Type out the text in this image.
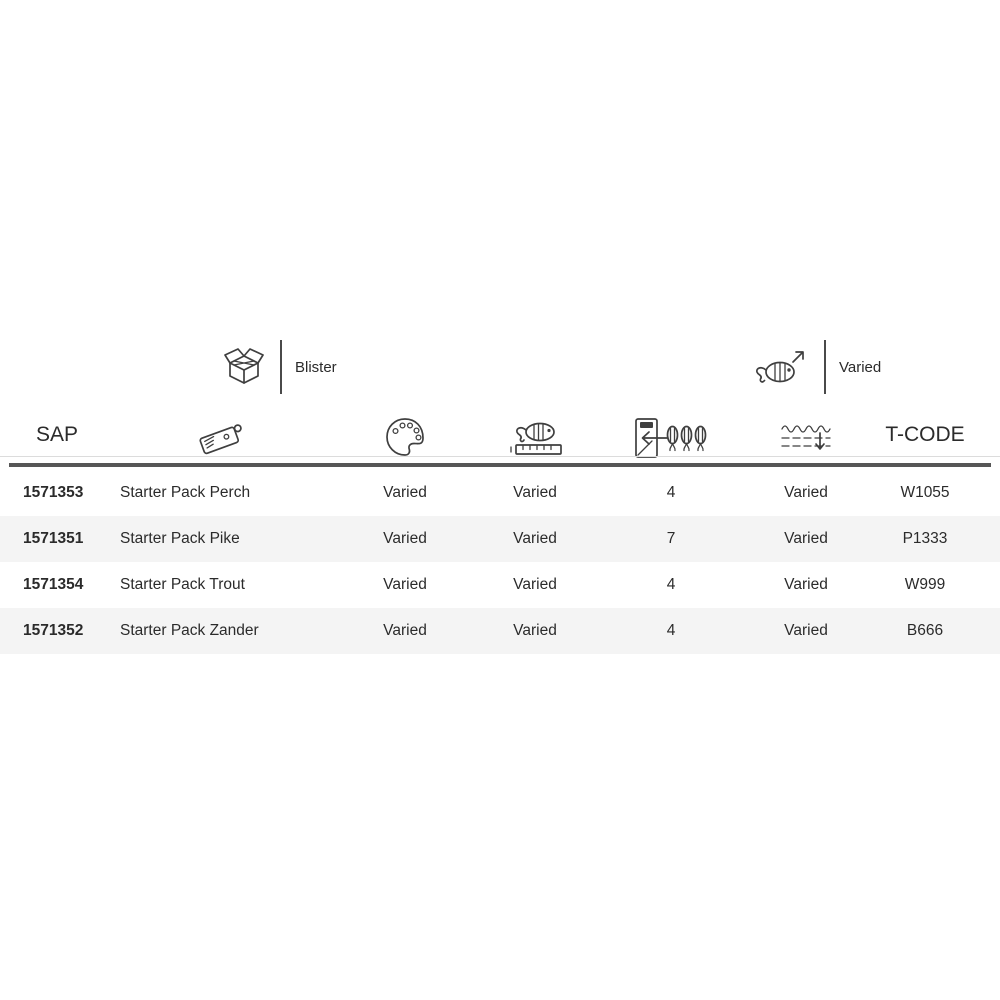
Blister	Varied
SAP	T-CODE
1571353	Starter Pack Perch	Varied	Varied	4	Varied	W1055
1571351	Starter Pack Pike	Varied	Varied	7	Varied	P1333
1571354	Starter Pack Trout	Varied	Varied	4	Varied	W999
1571352	Starter Pack Zander	Varied	Varied	4	Varied	B666
